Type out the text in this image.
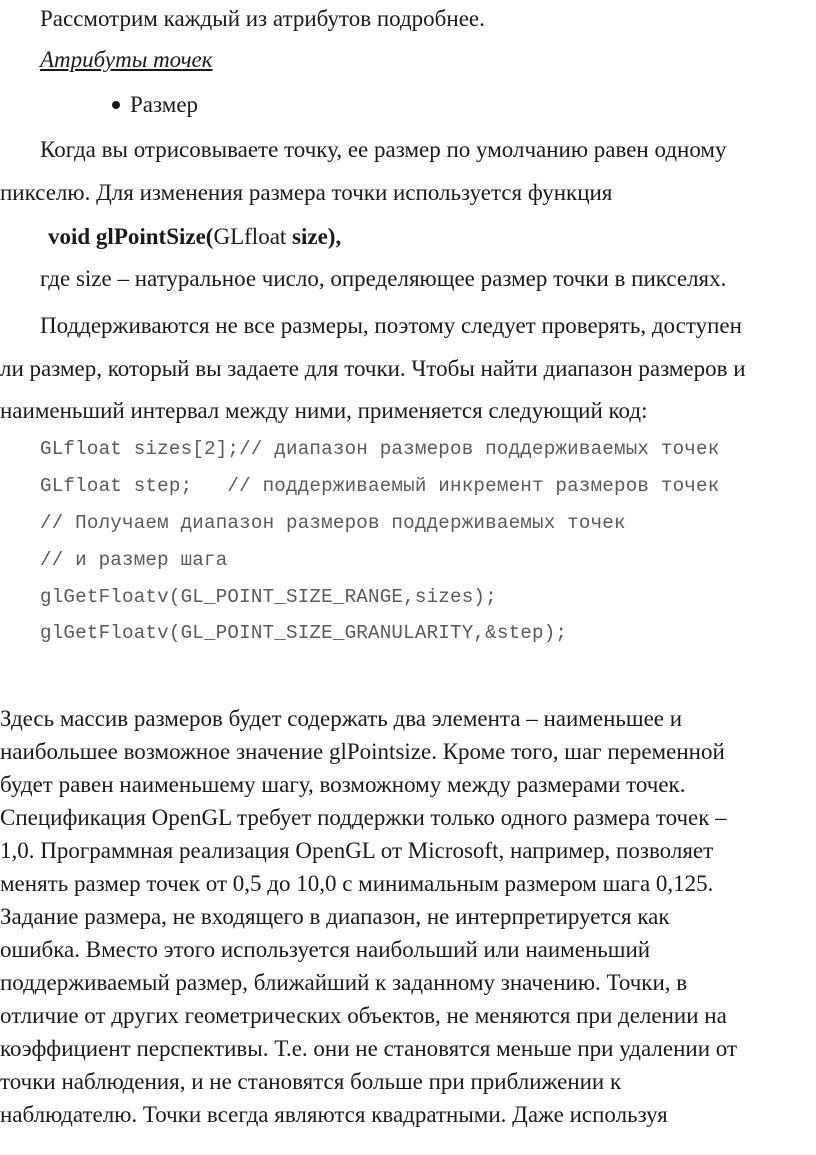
Рассмотрим каждый из атрибутов подробнее.
Атрибуты точек
Размер
Когда вы отрисовываете точку, ее размер по умолчанию равен одному
пикселю. Для изменения размера точки используется функция
void glPointSize(GLfloat size),
где size – натуральное число, определяющее размер точки в пикселях.
Поддерживаются не все размеры, поэтому следует проверять, доступен
ли размер, который вы задаете для точки. Чтобы найти диапазон размеров и
наименьший интервал между ними, применяется следующий код:
GLfloat sizes[2];// диапазон размеров поддерживаемых точек
GLfloat step;   // поддерживаемый инкремент размеров точек
// Получаем диапазон размеров поддерживаемых точек
// и размер шага
glGetFloatv(GL_POINT_SIZE_RANGE,sizes);
glGetFloatv(GL_POINT_SIZE_GRANULARITY,&step);
Здесь массив размеров будет содержать два элемента – наименьшее и
наибольшее возможное значение glPointsize. Кроме того, шаг переменной
будет равен наименьшему шагу, возможному между размерами точек.
Спецификация OpenGL требует поддержки только одного размера точек –
1,0. Программная реализация OpenGL от Microsoft, например, позволяет
менять размер точек от 0,5 до 10,0 с минимальным размером шага 0,125.
Задание размера, не входящего в диапазон, не интерпретируется как
ошибка. Вместо этого используется наибольший или наименьший
поддерживаемый размер, ближайший к заданному значению. Точки, в
отличие от других геометрических объектов, не меняются при делении на
коэффициент перспективы. Т.е. они не становятся меньше при удалении от
точки наблюдения, и не становятся больше при приближении к
наблюдателю. Точки всегда являются квадратными. Даже используя
